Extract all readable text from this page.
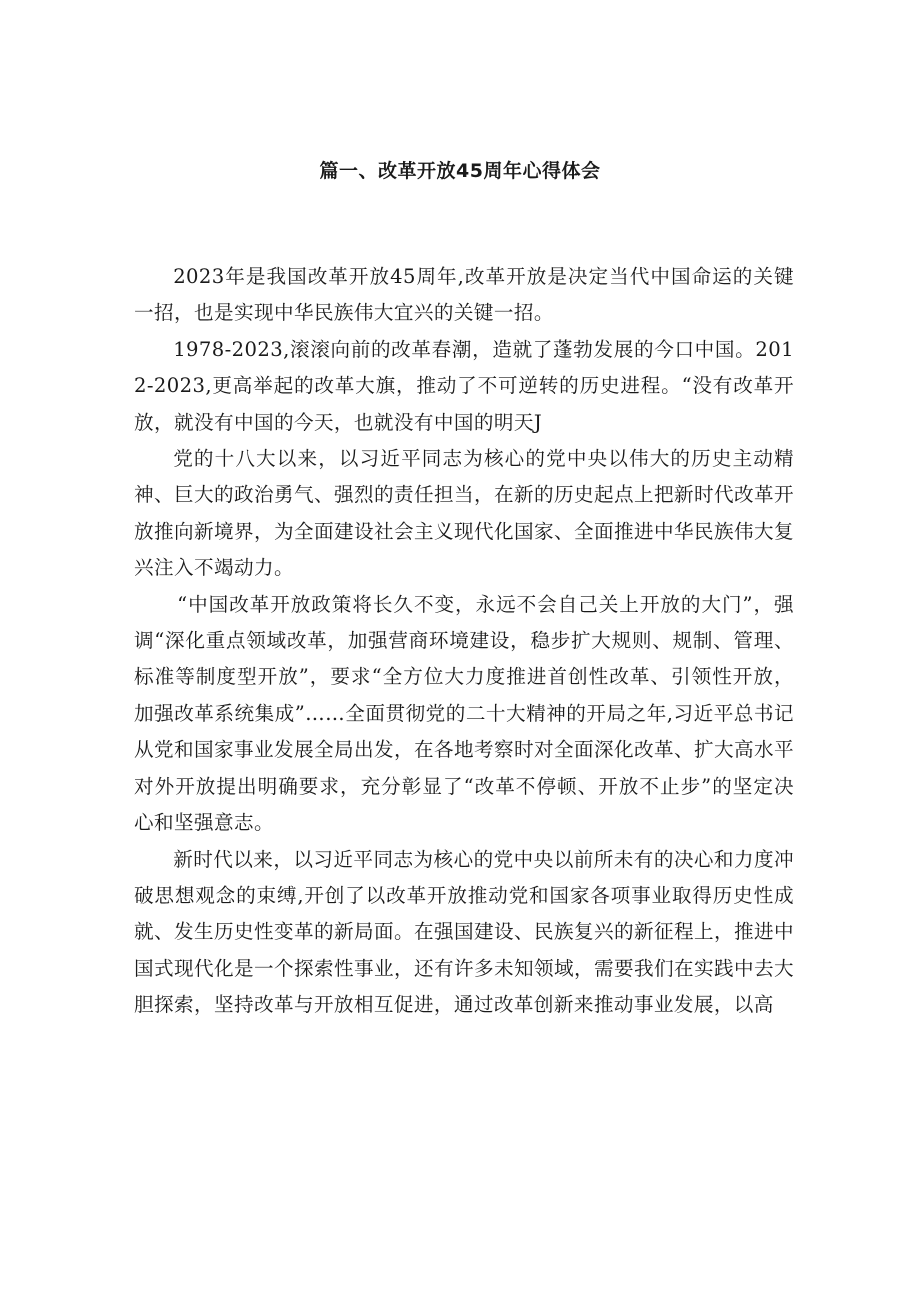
篇一、改革开放45周年心得体会

2023年是我国改革开放45周年,改革开放是决定当代中国命运的关键一招，也是实现中华民族伟大宜兴的关键一招。

1978-2023,滚滚向前的改革春潮，造就了蓬勃发展的今口中国。2012-2023,更高举起的改革大旗，推动了不可逆转的历史进程。“没有改革开放，就没有中国的今天，也就没有中国的明天J

党的十八大以来，以习近平同志为核心的党中央以伟大的历史主动精神、巨大的政治勇气、强烈的责任担当，在新的历史起点上把新时代改革开放推向新境界，为全面建设社会主义现代化国家、全面推进中华民族伟大复兴注入不竭动力。

“中国改革开放政策将长久不变，永远不会自己关上开放的大门”，强调“深化重点领域改革，加强营商环境建设，稳步扩大规则、规制、管理、标准等制度型开放”，要求“全方位大力度推进首创性改革、引领性开放，加强改革系统集成”……全面贯彻党的二十大精神的开局之年,习近平总书记从党和国家事业发展全局出发，在各地考察时对全面深化改革、扩大高水平对外开放提出明确要求，充分彰显了“改革不停顿、开放不止步”的坚定决心和坚强意志。

新时代以来，以习近平同志为核心的党中央以前所未有的决心和力度冲破思想观念的束缚,开创了以改革开放推动党和国家各项事业取得历史性成就、发生历史性变革的新局面。在强国建设、民族复兴的新征程上，推进中国式现代化是一个探索性事业，还有许多未知领域，需要我们在实践中去大胆探索，坚持改革与开放相互促进，通过改革创新来推动事业发展，以高
